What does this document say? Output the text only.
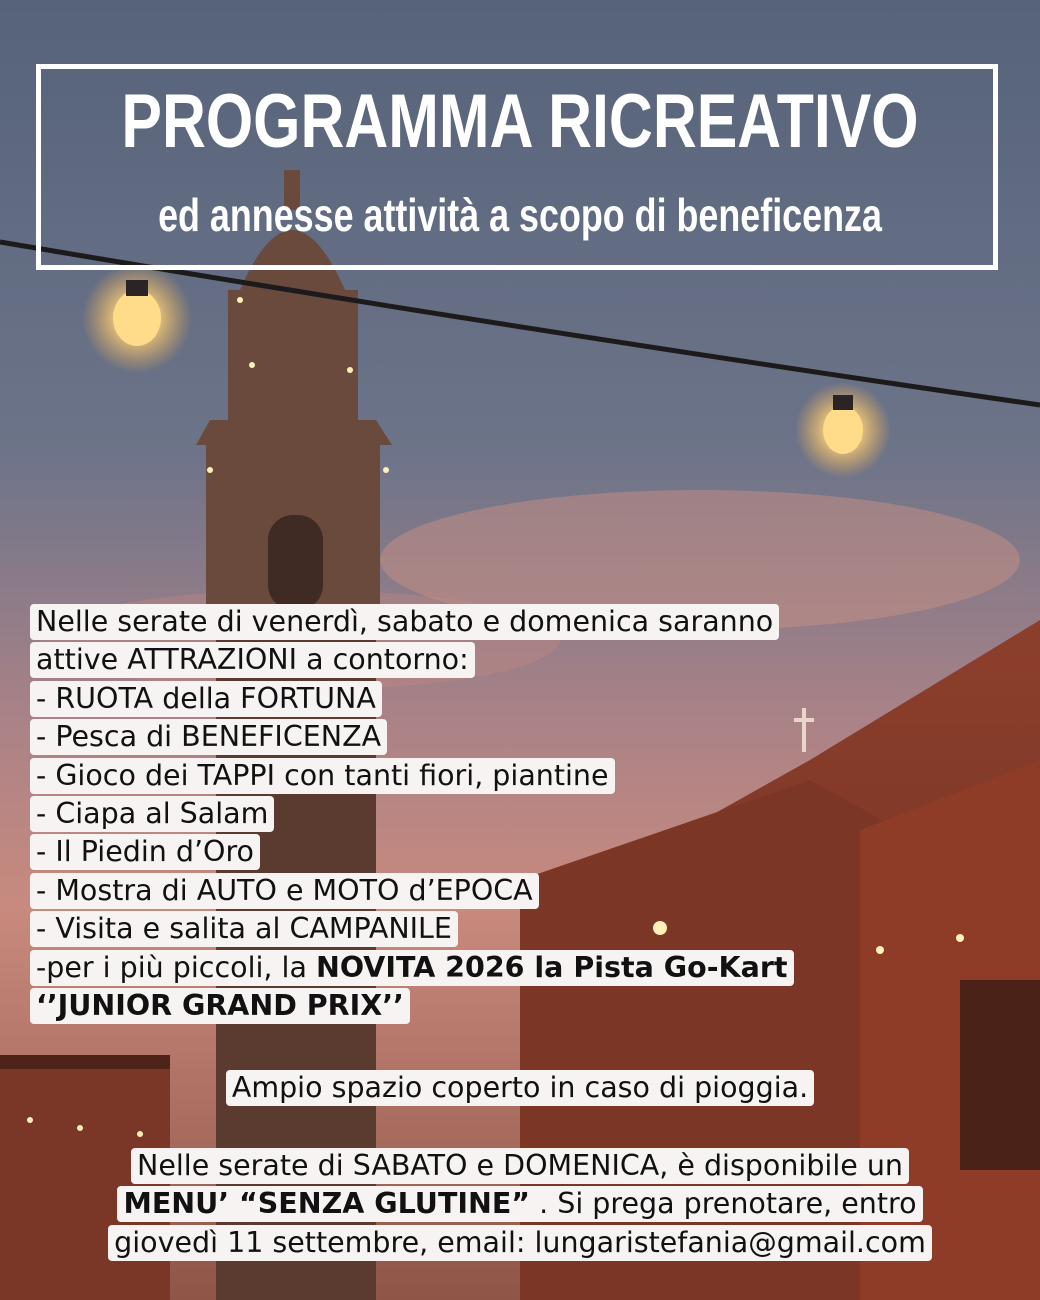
PROGRAMMA RICREATIVO
ed annesse attività a scopo di beneficenza
Nelle serate di venerdì, sabato e domenica saranno
attive ATTRAZIONI a contorno:
- RUOTA della FORTUNA
- Pesca di BENEFICENZA
- Gioco dei TAPPI con tanti fiori, piantine
- Ciapa al Salam
- Il Piedin d’Oro
- Mostra di AUTO e MOTO d’EPOCA
- Visita e salita al CAMPANILE
-per i più piccoli, la NOVITA 2026 la Pista Go-Kart
‘’JUNIOR GRAND PRIX’’
Ampio spazio coperto in caso di pioggia.
Nelle serate di SABATO e DOMENICA, è disponibile un
MENU’ “SENZA GLUTINE” . Si prega prenotare, entro
giovedì 11 settembre, email: lungaristefania@gmail.com
